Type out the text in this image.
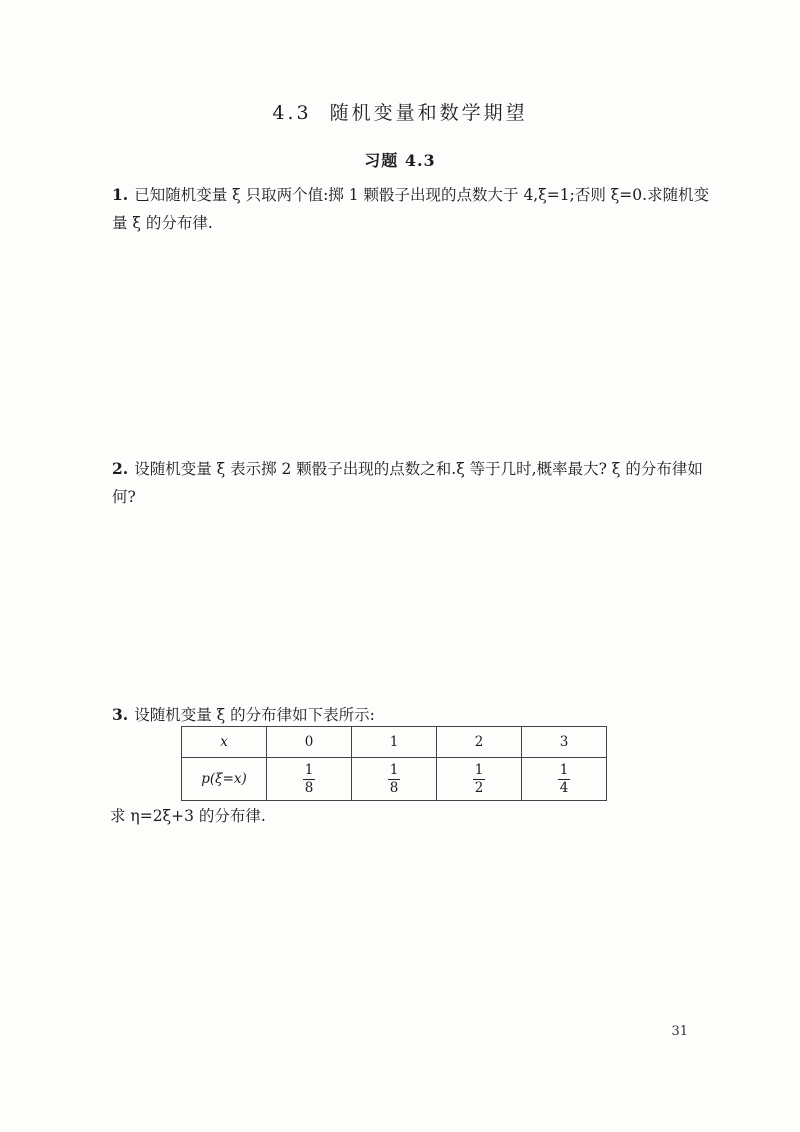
4.3 随机变量和数学期望
习题 4.3
1. 已知随机变量 ξ 只取两个值:掷 1 颗骰子出现的点数大于 4,ξ=1;否则 ξ=0.求随机变量 ξ 的分布律.
2. 设随机变量 ξ 表示掷 2 颗骰子出现的点数之和.ξ 等于几时,概率最大? ξ 的分布律如何?
3. 设随机变量 ξ 的分布律如下表所示:
x	0	1	2	3
p(ξ=x)	$\frac{1}{8}$	$\frac{1}{8}$	$\frac{1}{2}$	$\frac{1}{4}$
求 η=2ξ+3 的分布律.
31
